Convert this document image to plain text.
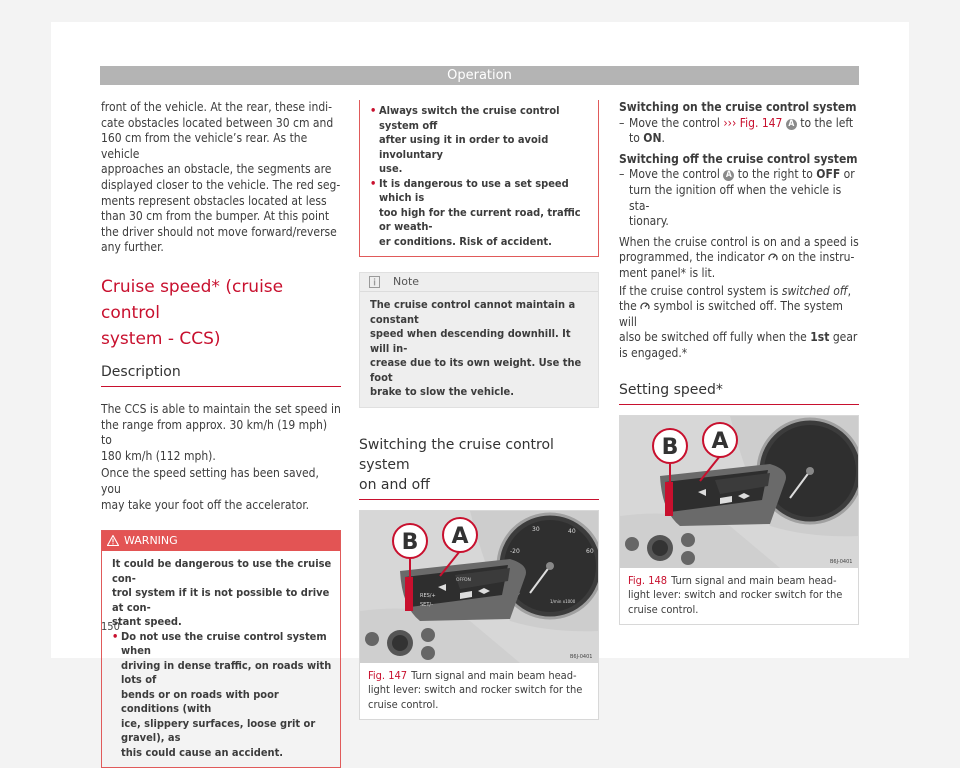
Operation
front of the vehicle. At the rear, these indi-
cate obstacles located between 30 cm and
160 cm from the vehicle’s rear. As the vehicle
approaches an obstacle, the segments are
displayed closer to the vehicle. The red seg-
ments represent obstacles located at less
than 30 cm from the bumper. At this point
the driver should not move forward/reverse
any further.
Cruise speed* (cruise control
system - CCS)
Description
The CCS is able to maintain the set speed in
the range from approx. 30 km/h (19 mph) to
180 km/h (112 mph).
Once the speed setting has been saved, you
may take your foot off the accelerator.
WARNING
It could be dangerous to use the cruise con-
trol system if it is not possible to drive at con-
stant speed.
• Do not use the cruise control system when
driving in dense traffic, on roads with lots of
bends or on roads with poor conditions (with
ice, slippery surfaces, loose grit or gravel), as
this could cause an accident.
• Always switch the cruise control system off
after using it in order to avoid involuntary
use.
• It is dangerous to use a set speed which is
too high for the current road, traffic or weath-
er conditions. Risk of accident.
Note
The cruise control cannot maintain a constant
speed when descending downhill. It will in-
crease due to its own weight. Use the foot
brake to slow the vehicle.
Switching the cruise control system
on and off
30	40
-20	60
1/min x1000
OFF ON
RES/+
SET/-
B A
B6J-0401
Fig. 147 Turn signal and main beam head-
light lever: switch and rocker switch for the
cruise control.
Switching on the cruise control system
– Move the control ››› Fig. 147 A to the left
to ON.
Switching off the cruise control system
– Move the control A to the right to OFF or
turn the ignition off when the vehicle is sta-
tionary.
When the cruise control is on and a speed is
programmed, the indicator on the instru-
ment panel* is lit.
If the cruise control system is switched off,
the symbol is switched off. The system will
also be switched off fully when the 1st gear
is engaged.*
Setting speed*
B A
B6J-0401
Fig. 148 Turn signal and main beam head-
light lever: switch and rocker switch for the
cruise control.
150
